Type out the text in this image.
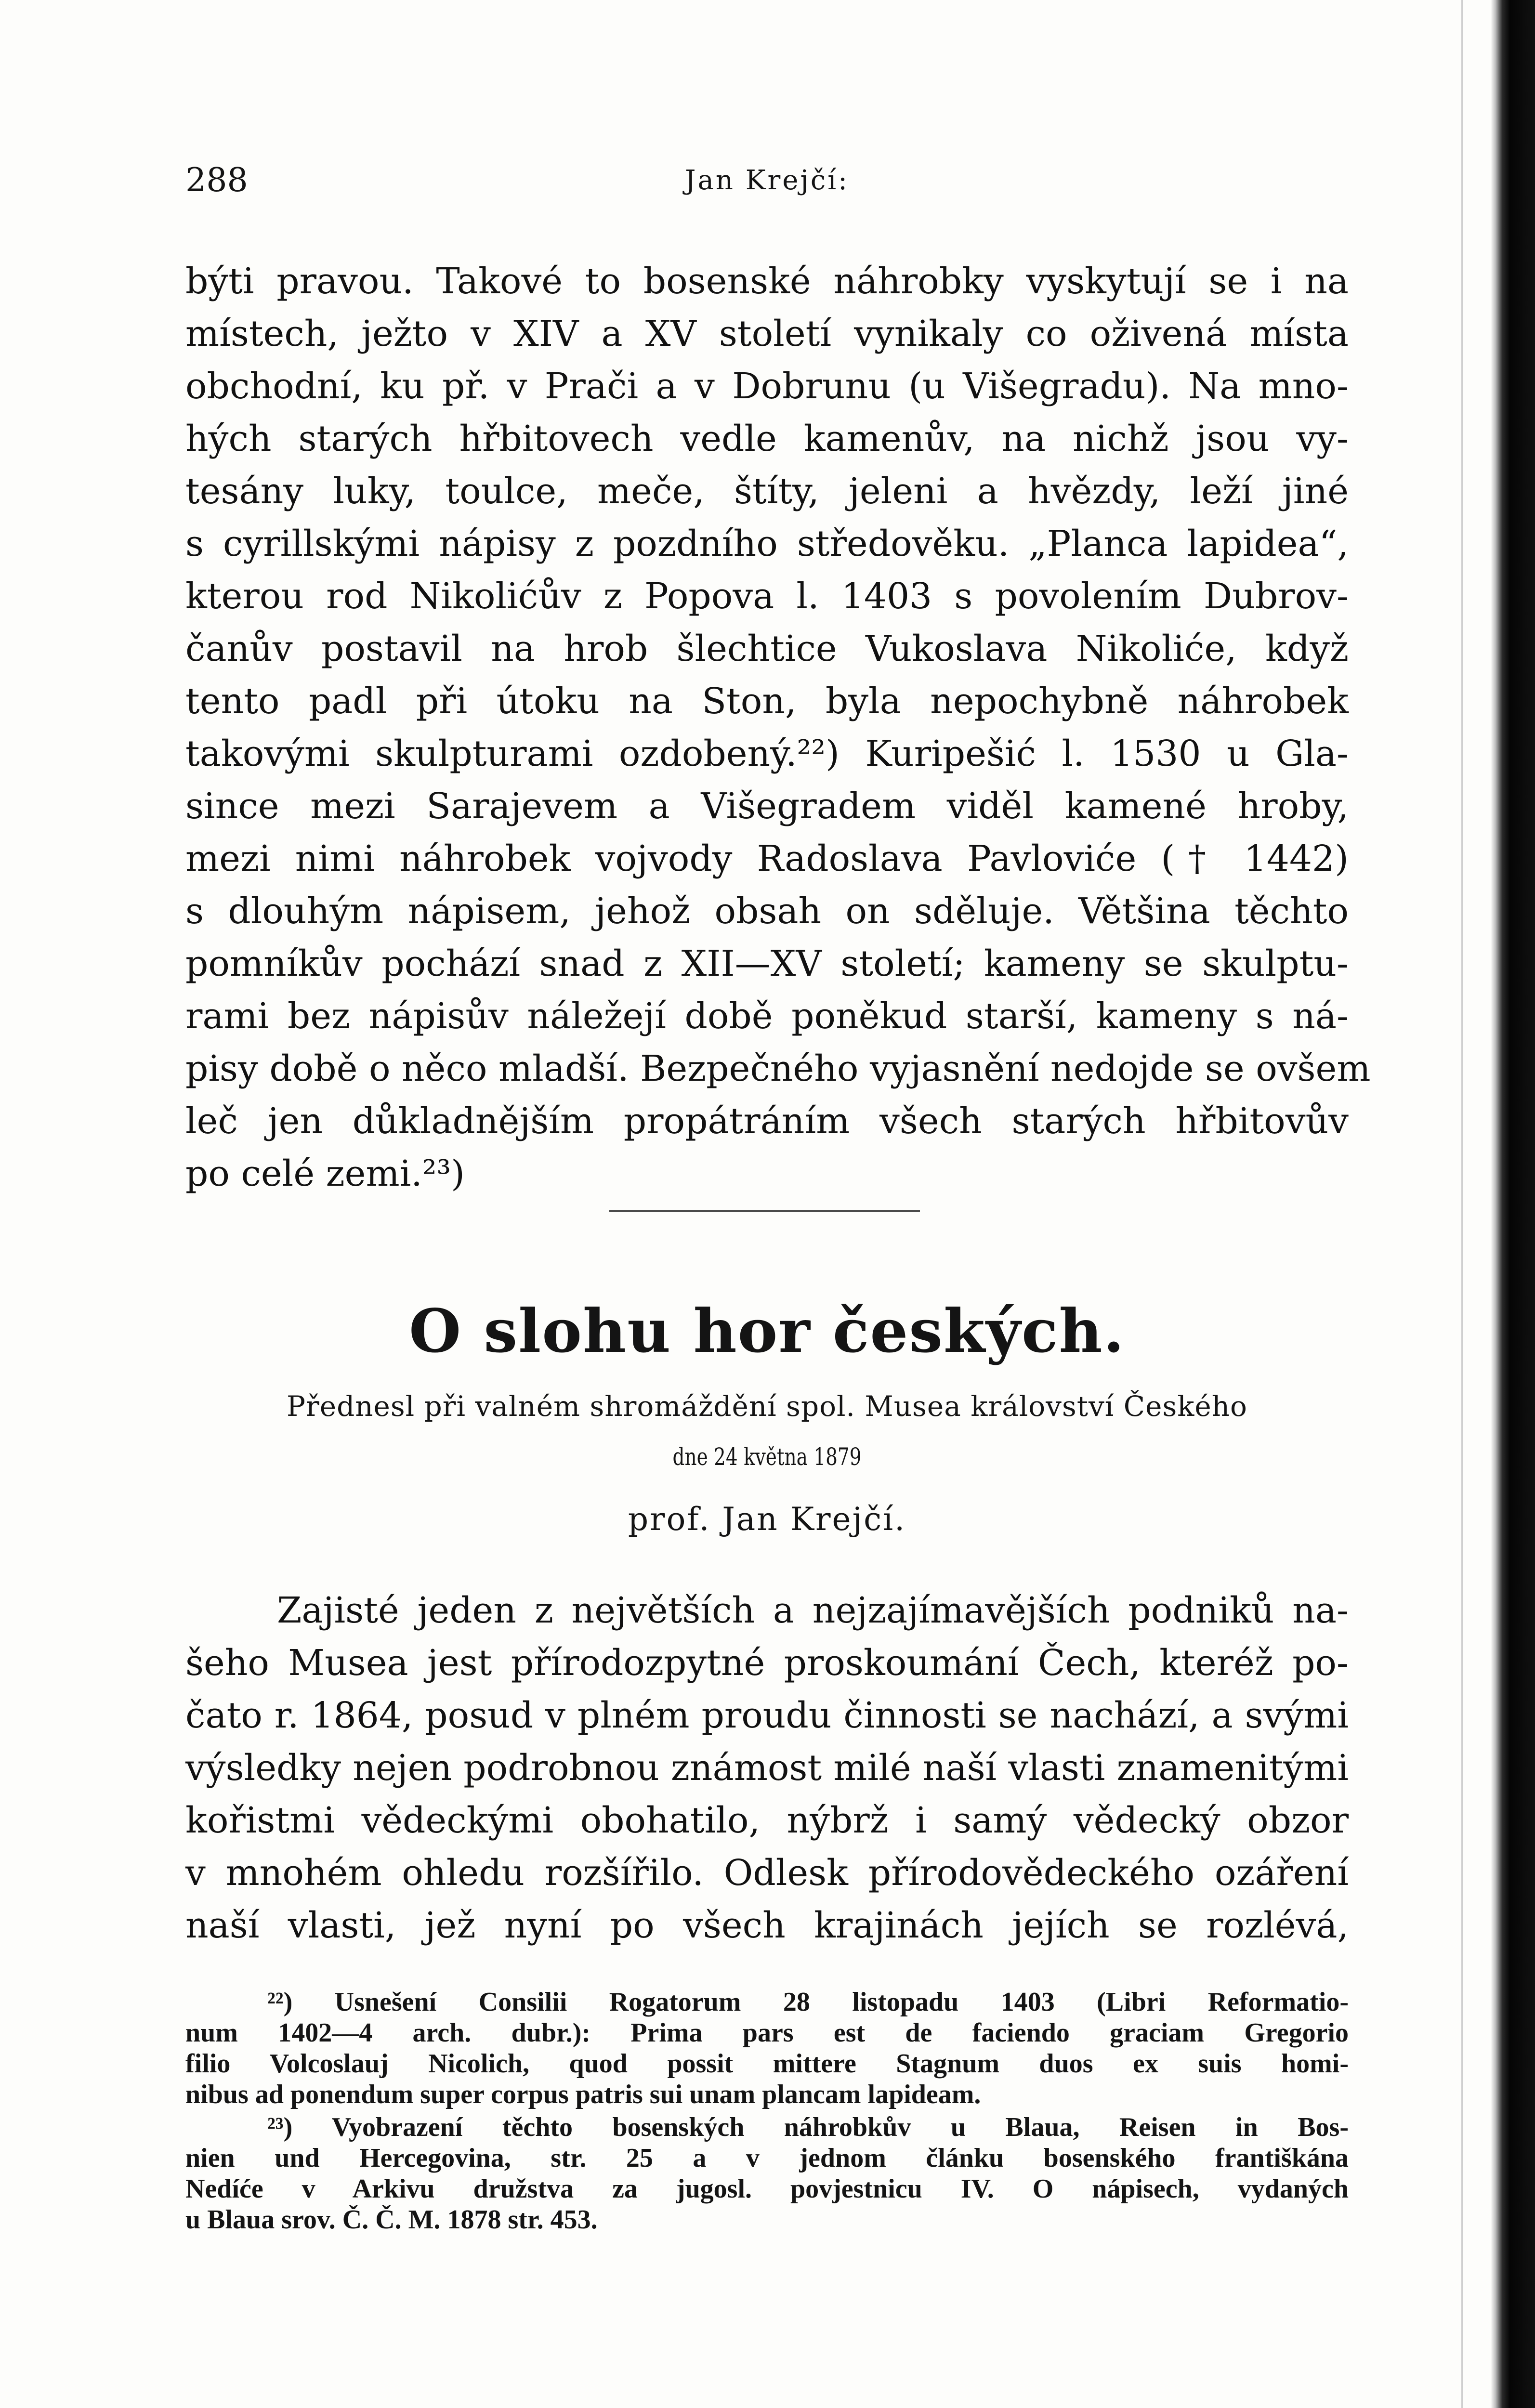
288	Jan Krejčí:
býti pravou. Takové to bosenské náhrobky vyskytují se i na
místech, ježto v XIV a XV století vynikaly co oživená místa
obchodní, ku př. v Prači a v Dobrunu (u Višegradu). Na mno-
hých starých hřbitovech vedle kamenův, na nichž jsou vy-
tesány luky, toulce, meče, štíty, jeleni a hvězdy, leží jiné
s cyrillskými nápisy z pozdního středověku. „Planca lapidea“,
kterou rod Nikolićův z Popova l. 1403 s povolením Dubrov-
čanův postavil na hrob šlechtice Vukoslava Nikoliće, když
tento padl při útoku na Ston, byla nepochybně náhrobek
takovými skulpturami ozdobený.²²) Kuripešić l. 1530 u Gla-
since mezi Sarajevem a Višegradem viděl kamené hroby,
mezi nimi náhrobek vojvody Radoslava Pavloviće († 1442)
s dlouhým nápisem, jehož obsah on sděluje. Většina těchto
pomníkův pochází snad z XII—XV století; kameny se skulptu-
rami bez nápisův náležejí době poněkud starší, kameny s ná-
pisy době o něco mladší. Bezpečného vyjasnění nedojde se ovšem
leč jen důkladnějším propátráním všech starých hřbitovův
po celé zemi.²³)
O slohu hor českých.
Přednesl při valném shromáždění spol. Musea království Českého
dne 24 května 1879
prof. Jan Krejčí.
Zajisté jeden z největších a nejzajímavějších podniků na-
šeho Musea jest přírodozpytné proskoumání Čech, kteréž po-
čato r. 1864, posud v plném proudu činnosti se nachází, a svými
výsledky nejen podrobnou známost milé naší vlasti znamenitými
kořistmi vědeckými obohatilo, nýbrž i samý vědecký obzor
v mnohém ohledu rozšířilo. Odlesk přírodovědeckého ozáření
naší vlasti, jež nyní po všech krajinách jejích se rozlévá,
²²) Usnešení Consilii Rogatorum 28 listopadu 1403 (Libri Reformatio-
num 1402—4 arch. dubr.): Prima pars est de faciendo graciam Gregorio
filio Volcoslauj Nicolich, quod possit mittere Stagnum duos ex suis homi-
nibus ad ponendum super corpus patris sui unam plancam lapideam.
²³) Vyobrazení těchto bosenských náhrobkův u Blaua, Reisen in Bos-
nien und Hercegovina, str. 25 a v jednom článku bosenského františkána
Nedíće v Arkivu družstva za jugosl. povjestnicu IV. O nápisech, vydaných
u Blaua srov. Č. Č. M. 1878 str. 453.
